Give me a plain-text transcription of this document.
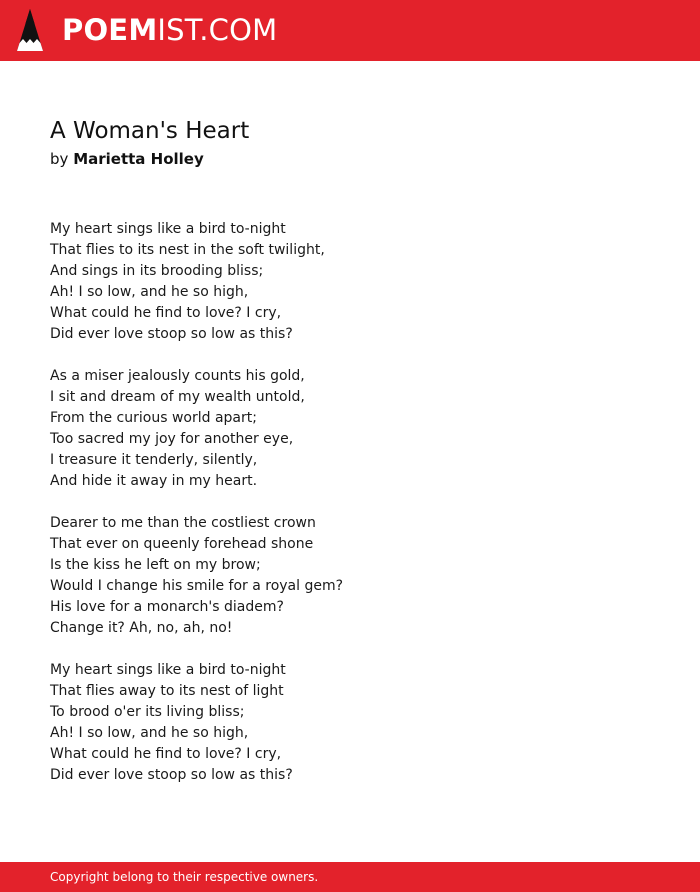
POEMIST.COM
A Woman's Heart
by Marietta Holley
My heart sings like a bird to-night
That flies to its nest in the soft twilight,
And sings in its brooding bliss;
Ah! I so low, and he so high,
What could he find to love? I cry,
Did ever love stoop so low as this?
As a miser jealously counts his gold,
I sit and dream of my wealth untold,
From the curious world apart;
Too sacred my joy for another eye,
I treasure it tenderly, silently,
And hide it away in my heart.
Dearer to me than the costliest crown
That ever on queenly forehead shone
Is the kiss he left on my brow;
Would I change his smile for a royal gem?
His love for a monarch's diadem?
Change it? Ah, no, ah, no!
My heart sings like a bird to-night
That flies away to its nest of light
To brood o'er its living bliss;
Ah! I so low, and he so high,
What could he find to love? I cry,
Did ever love stoop so low as this?
Copyright belong to their respective owners.
